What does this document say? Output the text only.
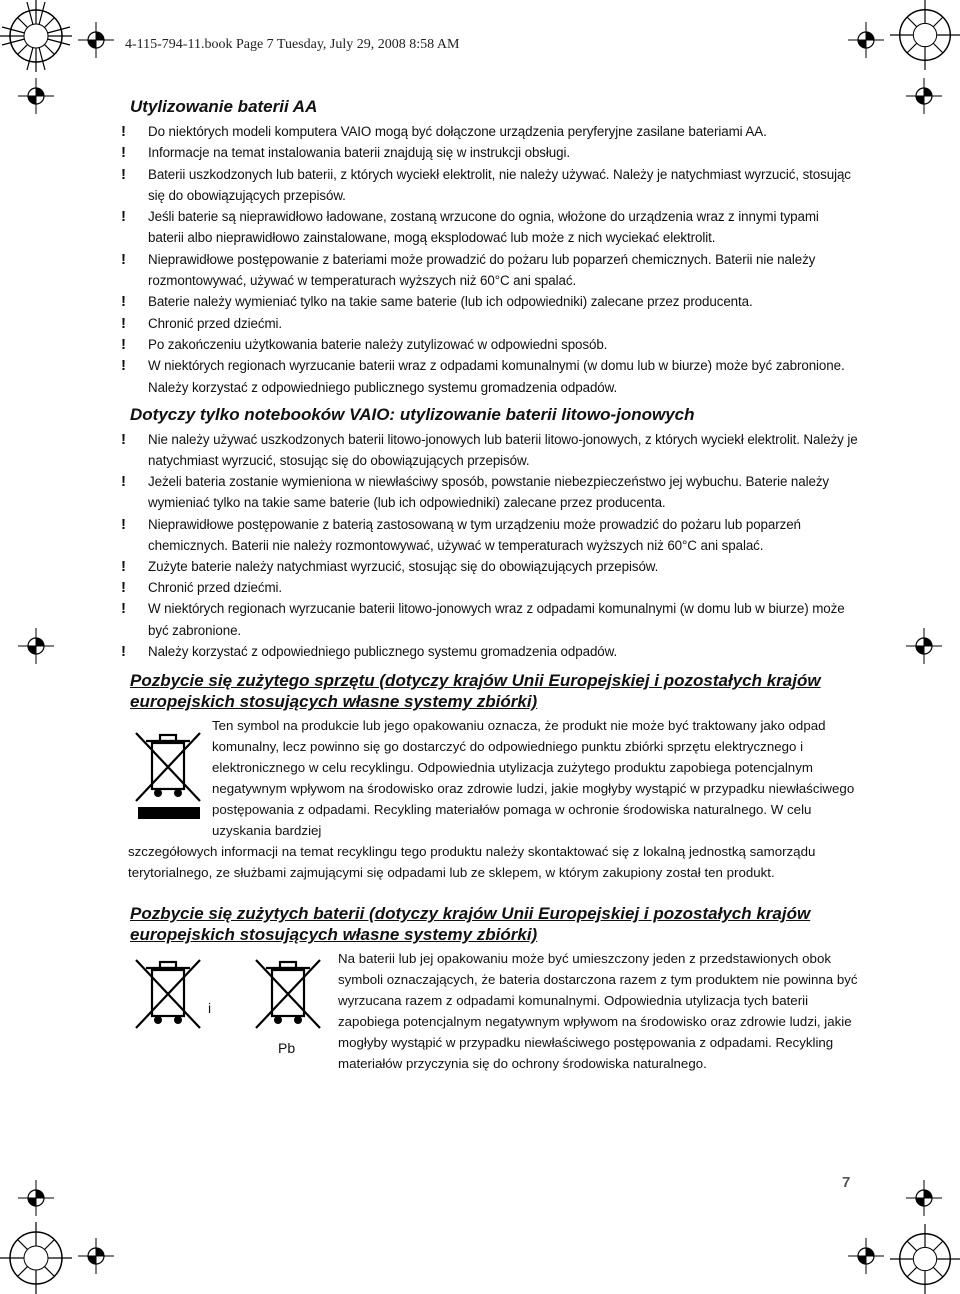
4-115-794-11.book Page 7 Tuesday, July 29, 2008 8:58 AM
Utylizowanie baterii AA
! Do niektórych modeli komputera VAIO mogą być dołączone urządzenia peryferyjne zasilane bateriami AA.
! Informacje na temat instalowania baterii znajdują się w instrukcji obsługi.
! Baterii uszkodzonych lub baterii, z których wyciekł elektrolit, nie należy używać. Należy je natychmiast wyrzucić, stosując się do obowiązujących przepisów.
! Jeśli baterie są nieprawidłowo ładowane, zostaną wrzucone do ognia, włożone do urządzenia wraz z innymi typami baterii albo nieprawidłowo zainstalowane, mogą eksplodować lub może z nich wyciekać elektrolit.
! Nieprawidłowe postępowanie z bateriami może prowadzić do pożaru lub poparzeń chemicznych. Baterii nie należy rozmontowywać, używać w temperaturach wyższych niż 60°C ani spalać.
! Baterie należy wymieniać tylko na takie same baterie (lub ich odpowiedniki) zalecane przez producenta.
! Chronić przed dziećmi.
! Po zakończeniu użytkowania baterie należy zutylizować w odpowiedni sposób.
! W niektórych regionach wyrzucanie baterii wraz z odpadami komunalnymi (w domu lub w biurze) może być zabronione. Należy korzystać z odpowiedniego publicznego systemu gromadzenia odpadów.
Dotyczy tylko notebooków VAIO: utylizowanie baterii litowo-jonowych
! Nie należy używać uszkodzonych baterii litowo-jonowych lub baterii litowo-jonowych, z których wyciekł elektrolit. Należy je natychmiast wyrzucić, stosując się do obowiązujących przepisów.
! Jeżeli bateria zostanie wymieniona w niewłaściwy sposób, powstanie niebezpieczeństwo jej wybuchu. Baterie należy wymieniać tylko na takie same baterie (lub ich odpowiedniki) zalecane przez producenta.
! Nieprawidłowe postępowanie z baterią zastosowaną w tym urządzeniu może prowadzić do pożaru lub poparzeń chemicznych. Baterii nie należy rozmontowywać, używać w temperaturach wyższych niż 60°C ani spalać.
! Zużyte baterie należy natychmiast wyrzucić, stosując się do obowiązujących przepisów.
! Chronić przed dziećmi.
! W niektórych regionach wyrzucanie baterii litowo-jonowych wraz z odpadami komunalnymi (w domu lub w biurze) może być zabronione.
! Należy korzystać z odpowiedniego publicznego systemu gromadzenia odpadów.
Pozbycie się zużytego sprzętu (dotyczy krajów Unii Europejskiej i pozostałych krajów europejskich stosujących własne systemy zbiórki)
Ten symbol na produkcie lub jego opakowaniu oznacza, że produkt nie może być traktowany jako odpad komunalny, lecz powinno się go dostarczyć do odpowiedniego punktu zbiórki sprzętu elektrycznego i elektronicznego w celu recyklingu. Odpowiednia utylizacja zużytego produktu zapobiega potencjalnym negatywnym wpływom na środowisko oraz zdrowie ludzi, jakie mogłyby wystąpić w przypadku niewłaściwego postępowania z odpadami. Recykling materiałów pomaga w ochronie środowiska naturalnego. W celu uzyskania bardziej
szczegółowych informacji na temat recyklingu tego produktu należy skontaktować się z lokalną jednostką samorządu terytorialnego, ze służbami zajmującymi się odpadami lub ze sklepem, w którym zakupiony został ten produkt.
Pozbycie się zużytych baterii (dotyczy krajów Unii Europejskiej i pozostałych krajów europejskich stosujących własne systemy zbiórki)
i
Pb
Na baterii lub jej opakowaniu może być umieszczony jeden z przedstawionych obok symboli oznaczających, że bateria dostarczona razem z tym produktem nie powinna być wyrzucana razem z odpadami komunalnymi. Odpowiednia utylizacja tych baterii zapobiega potencjalnym negatywnym wpływom na środowisko oraz zdrowie ludzi, jakie mogłyby wystąpić w przypadku niewłaściwego postępowania z odpadami. Recykling materiałów przyczynia się do ochrony środowiska naturalnego.
7
